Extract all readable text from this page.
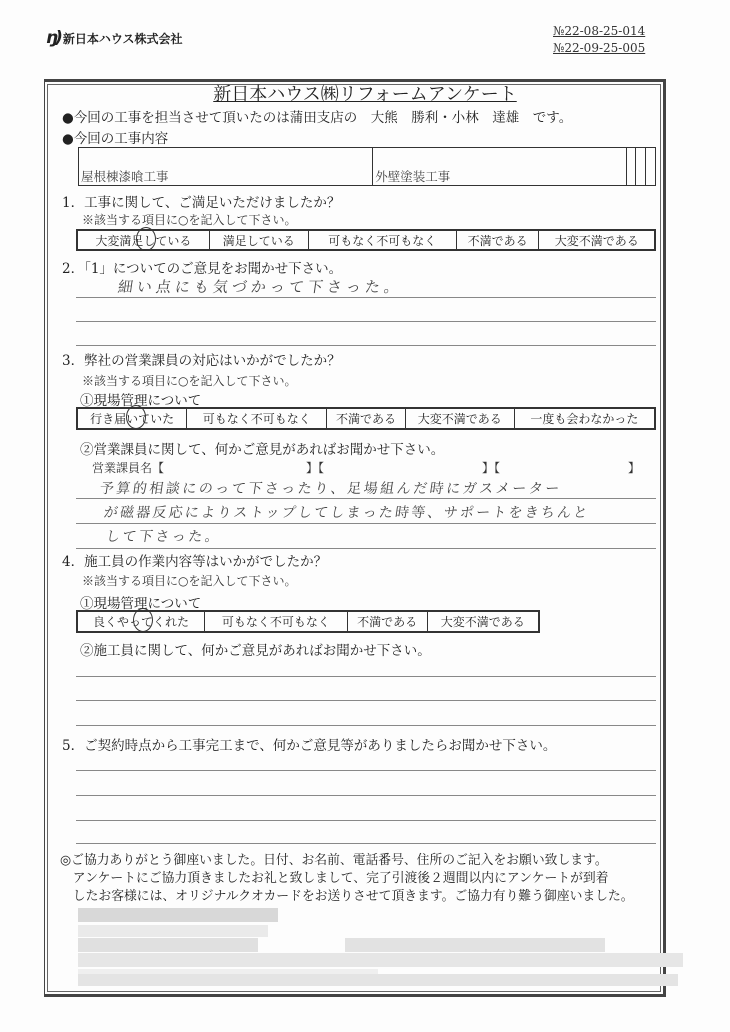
ŋ) 新日本ハウス株式会社
№22-08-25-014
№22-09-25-005
新日本ハウス㈱リフォームアンケート
●今回の工事を担当させて頂いたのは蒲田支店の　大熊　勝利・小林　達雄　です。
●今回の工事内容
屋根棟漆喰工事	外壁塗装工事			
1．工事に関して、ご満足いただけましたか？
※該当する項目に○を記入して下さい。
大変満足している	満足している	可もなく不可もなく	不満である	大変不満である
2．「1」についてのご意見をお聞かせ下さい。
細い点にも気づかって下さった。
3．弊社の営業課員の対応はいかがでしたか？
※該当する項目に○を記入して下さい。
①現場管理について
行き届いていた	可もなく不可もなく	不満である	大変不満である	一度も会わなかった
②営業課員に関して、何かご意見があればお聞かせ下さい。
営業課員名【	】【	】【	】
予算的相談にのって下さったり、足場組んだ時にガスメーター
が磁器反応によりストップしてしまった時等、サポートをきちんと
して下さった。
4．施工員の作業内容等はいかがでしたか？
※該当する項目に○を記入して下さい。
①現場管理について
良くやってくれた	可もなく不可もなく	不満である	大変不満である
②施工員に関して、何かご意見があればお聞かせ下さい。
5．ご契約時点から工事完工まで、何かご意見等がありましたらお聞かせ下さい。
◎ご協力ありがとう御座いました。日付、お名前、電話番号、住所のご記入をお願い致します。
　アンケートにご協力頂きましたお礼と致しまして、完了引渡後２週間以内にアンケートが到着
　したお客様には、オリジナルクオカードをお送りさせて頂きます。ご協力有り難う御座いました。
